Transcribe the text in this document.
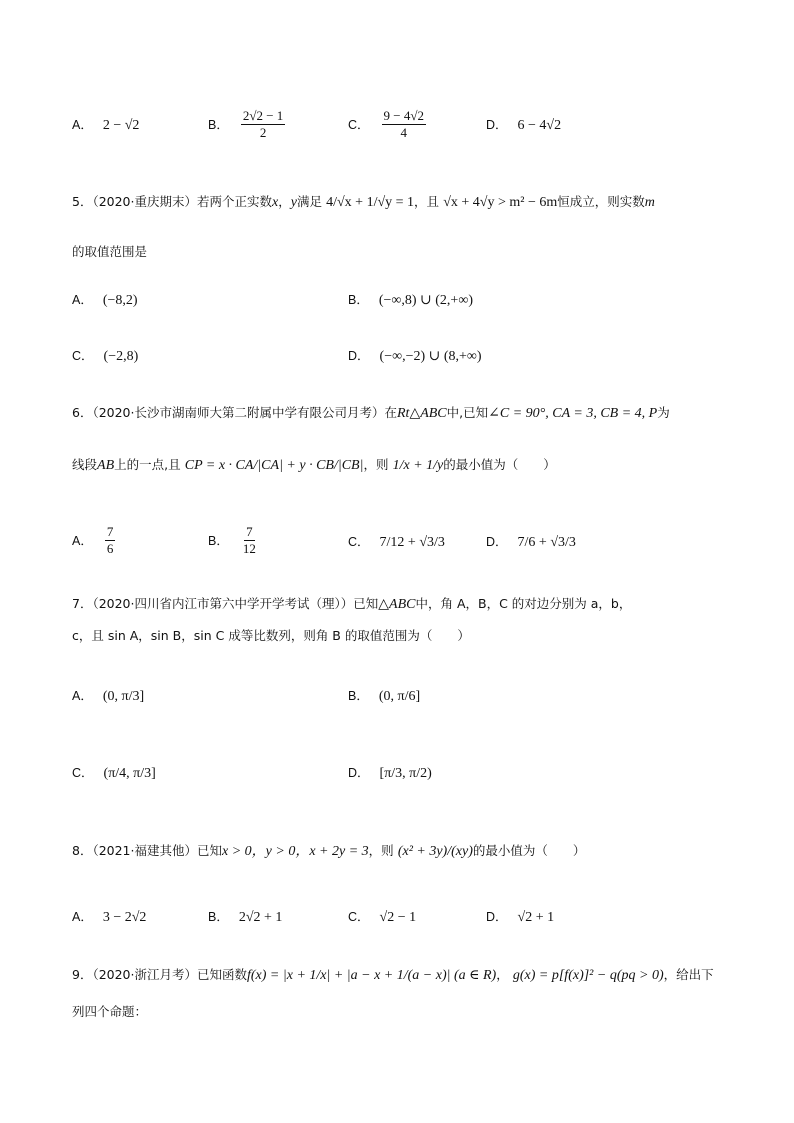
A． 2 − √2	B． $\frac{2√2 - 1}{2}$	C． $\frac{9 - 4√2}{4}$	D． 6 − 4√2
5．（2020·重庆期末）若两个正实数x，y满足 4/√x + 1/√y = 1，且 √x + 4√y > m² − 6m恒成立，则实数m
的取值范围是
A． (−8,2)	B． (−∞,8) ∪ (2,+∞)
C． (−2,8)	D． (−∞,−2) ∪ (8,+∞)
6．（2020·长沙市湖南师大第二附属中学有限公司月考）在Rt△ABC中,已知∠C = 90°, CA = 3, CB = 4, P为
线段AB上的一点,且 CP = x · CA/|CA| + y · CB/|CB|，则 1/x + 1/y的最小值为（　　）
A． $\frac{7}{6}$	B． $\frac{7}{12}$	C． 7/12 + √3/3	D． 7/6 + √3/3
7．（2020·四川省内江市第六中学开学考试（理））已知△ABC中，角 A，B，C 的对边分别为 a，b，
c，且 sin A，sin B，sin C 成等比数列，则角 B 的取值范围为（　　）
A． (0, π/3]	B． (0, π/6]
C． (π/4, π/3]	D． [π/3, π/2)
8．（2021·福建其他）已知x > 0，y > 0，x + 2y = 3，则 (x² + 3y)/(xy)的最小值为（　　）
A． 3 − 2√2	B． 2√2 + 1	C． √2 − 1	D． √2 + 1
9．（2020·浙江月考）已知函数f(x) = |x + 1/x| + |a − x + 1/(a − x)| (a ∈ R)， g(x) = p[f(x)]² − q(pq > 0)，给出下
列四个命题：
